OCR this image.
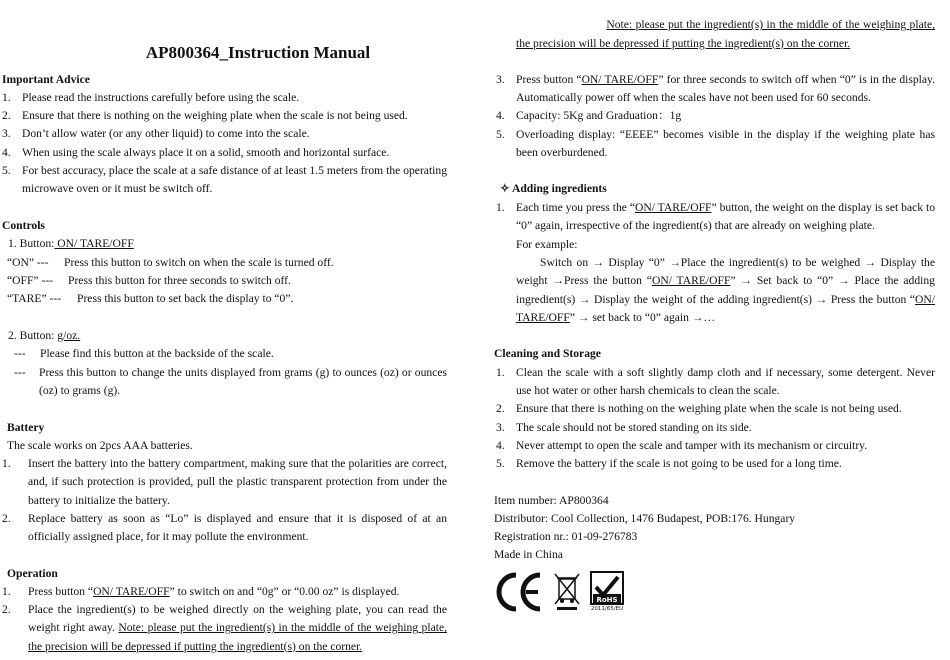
AP800364_Instruction Manual
Important Advice
1. Please read the instructions carefully before using the scale.
2. Ensure that there is nothing on the weighing plate when the scale is not being used.
3. Don’t allow water (or any other liquid) to come into the scale.
4. When using the scale always place it on a solid, smooth and horizontal surface.
5. For best accuracy, place the scale at a safe distance of at least 1.5 meters from the operating microwave oven or it must be switch off.
Controls
1. Button: ON/ TARE/OFF
“ON” --- Press this button to switch on when the scale is turned off.
“OFF” --- Press this button for three seconds to switch off.
“TARE” --- Press this button to set back the display to “0”.
2. Button: g/oz.
--- Please find this button at the backside of the scale.
--- Press this button to change the units displayed from grams (g) to ounces (oz) or ounces (oz) to grams (g).
Battery
The scale works on 2pcs AAA batteries.
1. Insert the battery into the battery compartment, making sure that the polarities are correct, and, if such protection is provided, pull the plastic transparent protection from under the battery to initialize the battery.
2. Replace battery as soon as “Lo” is displayed and ensure that it is disposed of at an officially assigned place, for it may pollute the environment.
Operation
1. Press button “ON/ TARE/OFF” to switch on and “0g” or “0.00 oz” is displayed.
2. Place the ingredient(s) to be weighed directly on the weighing plate, you can read the weight right away. Note: please put the ingredient(s) in the middle of the weighing plate, the precision will be depressed if putting the ingredient(s) on the corner.
Note: please put the ingredient(s) in the middle of the weighing plate, the precision will be depressed if putting the ingredient(s) on the corner.
3. Press button “ON/ TARE/OFF” for three seconds to switch off when “0” is in the display. Automatically power off when the scales have not been used for 60 seconds.
4. Capacity: 5Kg and Graduation：1g
5. Overloading display: “EEEE” becomes visible in the display if the weighing plate has been overburdened.
✧ Adding ingredients
1. Each time you press the “ON/ TARE/OFF” button, the weight on the display is set back to “0” again, irrespective of the ingredient(s) that are already on weighing plate.
For example:
Switch on → Display “0” →Place the ingredient(s) to be weighed → Display the weight →Press the button “ON/ TARE/OFF” → Set back to “0” → Place the adding ingredient(s) → Display the weight of the adding ingredient(s) → Press the button “ON/ TARE/OFF” → set back to “0” again →…
Cleaning and Storage
1. Clean the scale with a soft slightly damp cloth and if necessary, some detergent. Never use hot water or other harsh chemicals to clean the scale.
2. Ensure that there is nothing on the weighing plate when the scale is not being used.
3. The scale should not be stored standing on its side.
4. Never attempt to open the scale and tamper with its mechanism or circuitry.
5. Remove the battery if the scale is not going to be used for a long time.
Item number: AP800364
Distributor: Cool Collection, 1476 Budapest, POB:176. Hungary
Registration nr.: 01-09-276783
Made in China
RoHS
2011/65/EU
